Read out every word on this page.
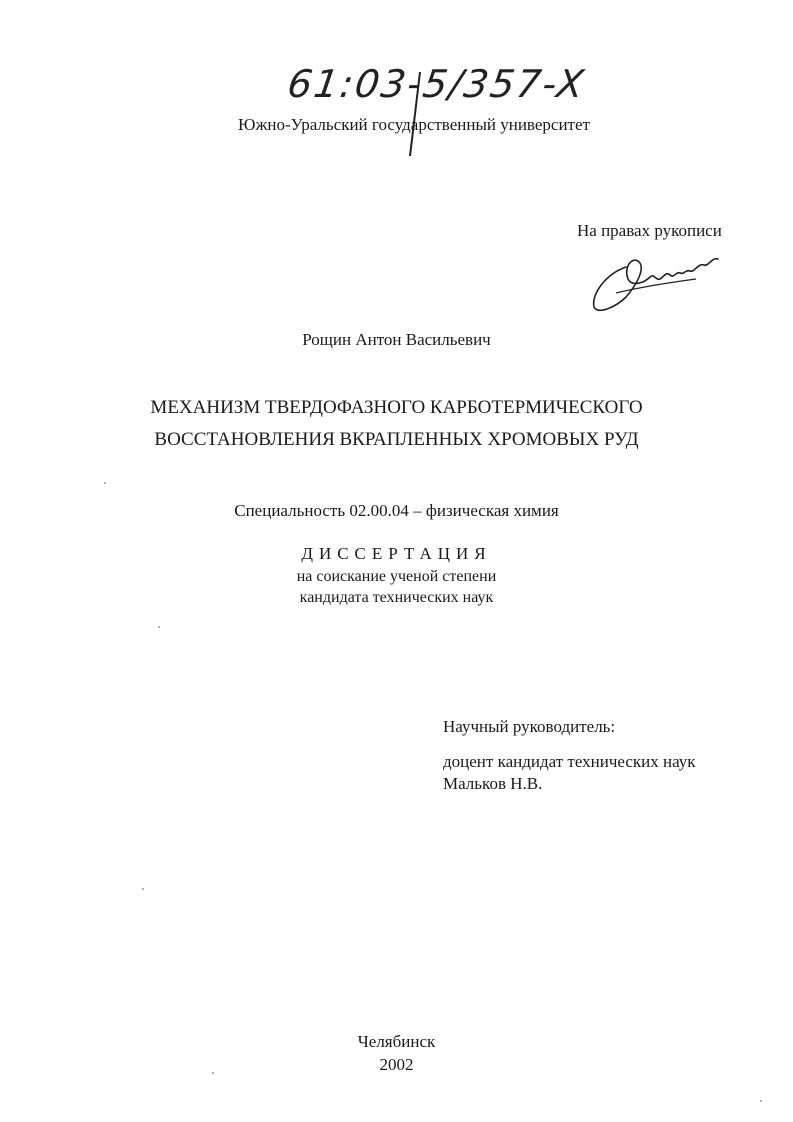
61:03-5/357-X
Южно-Уральский государственный университет
На правах рукописи
Рощин Антон Васильевич
МЕХАНИЗМ ТВЕРДОФАЗНОГО КАРБОТЕРМИЧЕСКОГО
ВОССТАНОВЛЕНИЯ ВКРАПЛЕННЫХ ХРОМОВЫХ РУД
Специальность 02.00.04 – физическая химия
ДИССЕРТАЦИЯ
на соискание ученой степени
кандидата технических наук
Научный руководитель:
доцент кандидат технических наук
Мальков Н.В.
Челябинск
2002
